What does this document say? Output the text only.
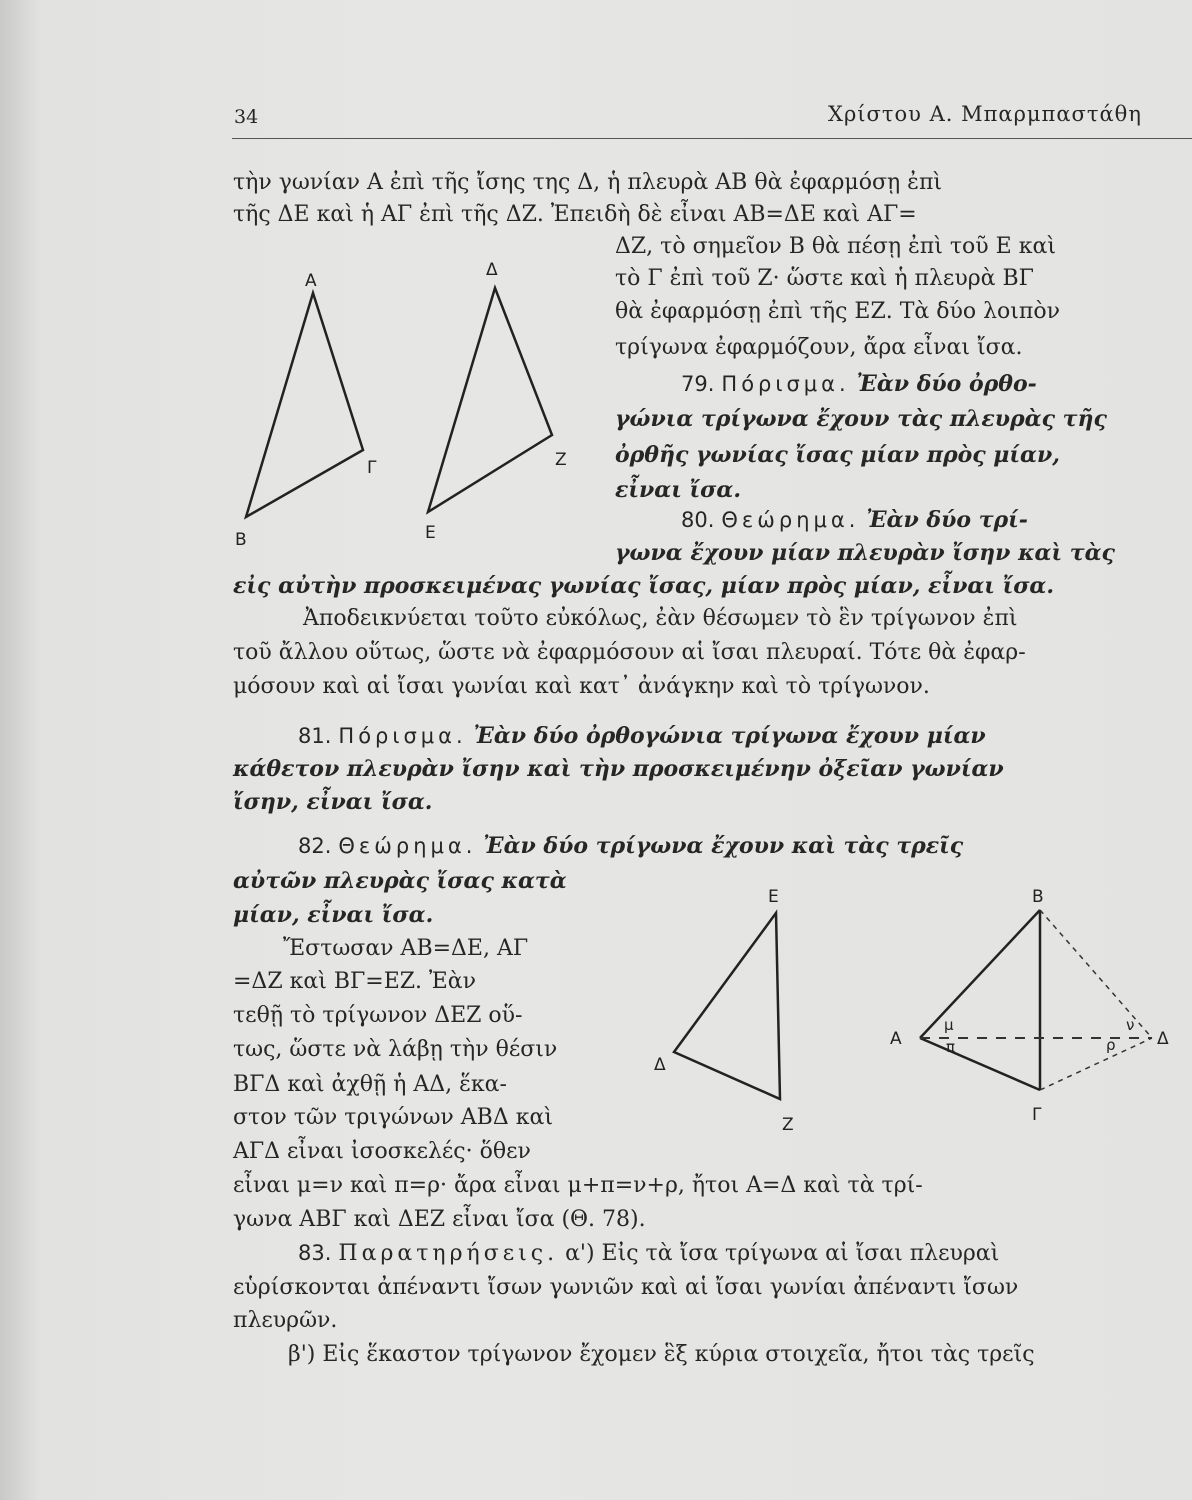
34	Χρίστου Α. Μπαρμπαστάθη
τὴν γωνίαν Α ἐπὶ τῆς ἴσης της Δ, ἡ πλευρὰ ΑΒ θὰ ἐφαρμόσῃ ἐπὶ
τῆς ΔΕ καὶ ἡ ΑΓ ἐπὶ τῆς ΔΖ. Ἐπειδὴ δὲ εἶναι ΑΒ=ΔΕ καὶ ΑΓ=
ΔΖ, τὸ σημεῖον Β θὰ πέσῃ ἐπὶ τοῦ Ε καὶ
τὸ Γ ἐπὶ τοῦ Ζ· ὥστε καὶ ἡ πλευρὰ ΒΓ
θὰ ἐφαρμόσῃ ἐπὶ τῆς ΕΖ. Τὰ δύο λοιπὸν
τρίγωνα ἐφαρμόζουν, ἄρα εἶναι ἴσα.
79. Πόρισμα. Ἐὰν δύο ὀρθο-
γώνια τρίγωνα ἔχουν τὰς πλευρὰς τῆς
ὀρθῆς γωνίας ἴσας μίαν πρὸς μίαν,
εἶναι ἴσα.
80. Θεώρημα. Ἐὰν δύο τρί-
γωνα ἔχουν μίαν πλευρὰν ἴσην καὶ τὰς
εἰς αὐτὴν προσκειμένας γωνίας ἴσας, μίαν πρὸς μίαν, εἶναι ἴσα.
Ἀποδεικνύεται τοῦτο εὐκόλως, ἐὰν θέσωμεν τὸ ἓν τρίγωνον ἐπὶ
τοῦ ἄλλου οὕτως, ὥστε νὰ ἐφαρμόσουν αἱ ἴσαι πλευραί. Τότε θὰ ἐφαρ-
μόσουν καὶ αἱ ἴσαι γωνίαι καὶ κατ᾽ ἀνάγκην καὶ τὸ τρίγωνον.
81. Πόρισμα. Ἐὰν δύο ὀρθογώνια τρίγωνα ἔχουν μίαν
κάθετον πλευρὰν ἴσην καὶ τὴν προσκειμένην ὀξεῖαν γωνίαν
ἴσην, εἶναι ἴσα.
82. Θεώρημα. Ἐὰν δύο τρίγωνα ἔχουν καὶ τὰς τρεῖς
αὐτῶν πλευρὰς ἴσας κατὰ
μίαν, εἶναι ἴσα.
Ἔστωσαν ΑΒ=ΔΕ, ΑΓ
=ΔΖ καὶ ΒΓ=ΕΖ. Ἐὰν
τεθῇ τὸ τρίγωνον ΔΕΖ οὕ-
τως, ὥστε νὰ λάβῃ τὴν θέσιν
ΒΓΔ καὶ ἀχθῇ ἡ ΑΔ, ἕκα-
στον τῶν τριγώνων ΑΒΔ καὶ
ΑΓΔ εἶναι ἰσοσκελές· ὅθεν
εἶναι μ=ν καὶ π=ρ· ἄρα εἶναι μ+π=ν+ρ, ἤτοι Α=Δ καὶ τὰ τρί-
γωνα ΑΒΓ καὶ ΔΕΖ εἶναι ἴσα (Θ. 78).
83. Παρατηρήσεις. α') Εἰς τὰ ἴσα τρίγωνα αἱ ἴσαι πλευραὶ
εὑρίσκονται ἀπέναντι ἴσων γωνιῶν καὶ αἱ ἴσαι γωνίαι ἀπέναντι ἴσων
πλευρῶν.
β') Εἰς ἕκαστον τρίγωνον ἔχομεν ἓξ κύρια στοιχεῖα, ἤτοι τὰς τρεῖς
Α
Β
Γ
Δ
Ε
Ζ
Ε
Δ
Ζ
Β
Α
Γ
Δ
μ
π
ν
ρ
